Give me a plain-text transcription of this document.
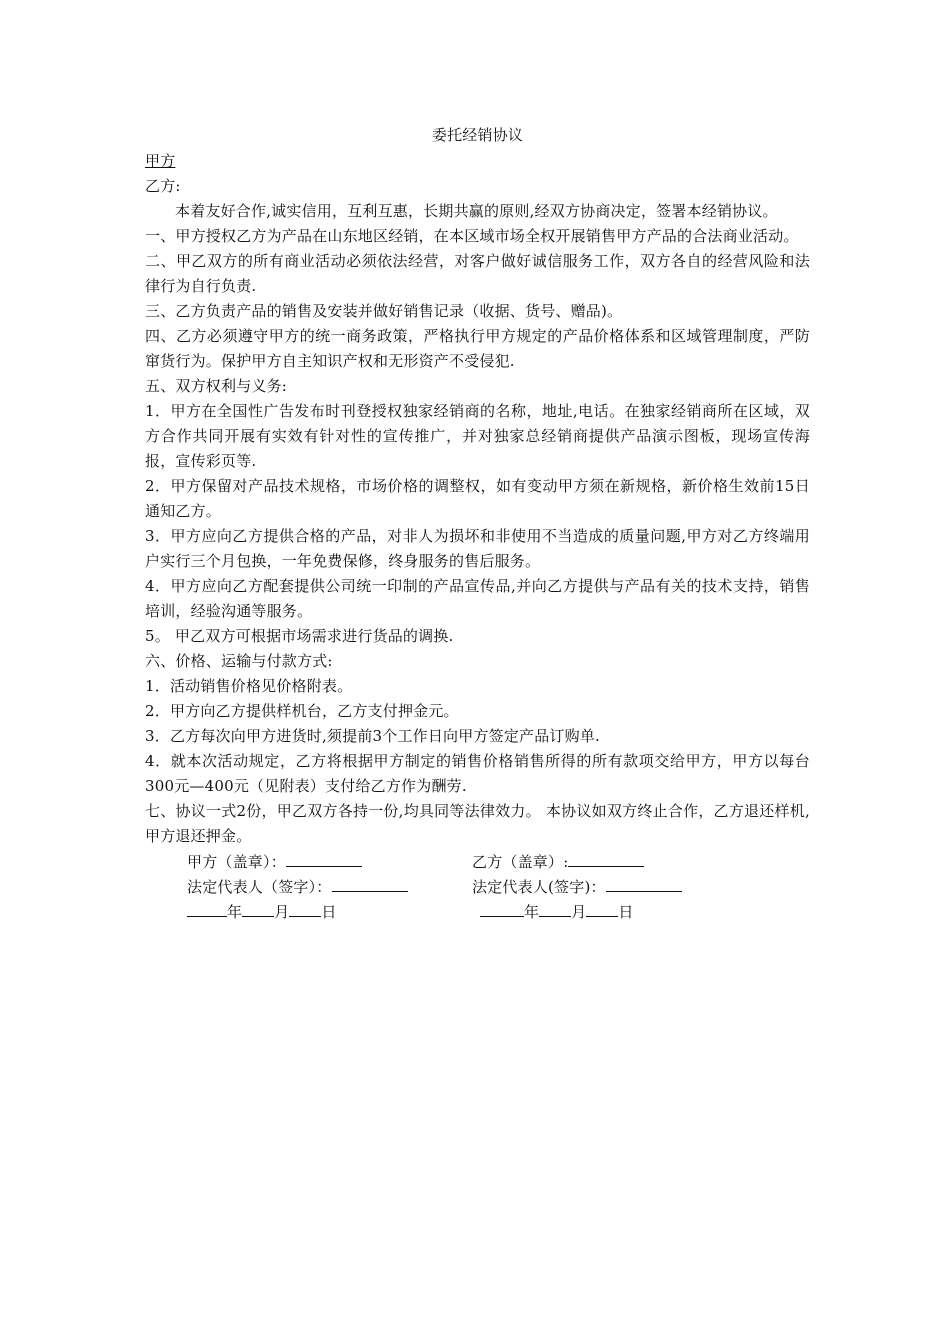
委托经销协议

甲方

乙方:

本着友好合作,诚实信用，互利互惠，长期共赢的原则,经双方协商决定，签署本经销协议。

一、甲方授权乙方为产品在山东地区经销，在本区域市场全权开展销售甲方产品的合法商业活动。

二、甲乙双方的所有商业活动必须依法经营，对客户做好诚信服务工作，双方各自的经营风险和法律行为自行负责.

三、乙方负责产品的销售及安装并做好销售记录（收据、货号、赠品)。

四、乙方必须遵守甲方的统一商务政策，严格执行甲方规定的产品价格体系和区域管理制度，严防窜货行为。保护甲方自主知识产权和无形资产不受侵犯.

五、双方权利与义务:

1．甲方在全国性广告发布时刊登授权独家经销商的名称，地址,电话。在独家经销商所在区域，双方合作共同开展有实效有针对性的宣传推广，并对独家总经销商提供产品演示图板，现场宣传海报，宣传彩页等.

2．甲方保留对产品技术规格，市场价格的调整权，如有变动甲方须在新规格，新价格生效前15日通知乙方。

3．甲方应向乙方提供合格的产品，对非人为损坏和非使用不当造成的质量问题,甲方对乙方终端用户实行三个月包换，一年免费保修，终身服务的售后服务。

4．甲方应向乙方配套提供公司统一印制的产品宣传品,并向乙方提供与产品有关的技术支持，销售培训，经验沟通等服务。

5。 甲乙双方可根据市场需求进行货品的调换.

六、价格、运输与付款方式:

1．活动销售价格见价格附表。

2．甲方向乙方提供样机台，乙方支付押金元。

3．乙方每次向甲方进货时,须提前3个工作日向甲方签定产品订购单.

4．就本次活动规定，乙方将根据甲方制定的销售价格销售所得的所有款项交给甲方，甲方以每台300元—400元（见附表）支付给乙方作为酬劳.

七、协议一式2份，甲乙双方各持一份,均具同等法律效力。 本协议如双方终止合作，乙方退还样机,甲方退还押金。

甲方（盖章）：	乙方（盖章）:
法定代表人（签字）：	法定代表人(签字)：
年 月 日	年 月 日
